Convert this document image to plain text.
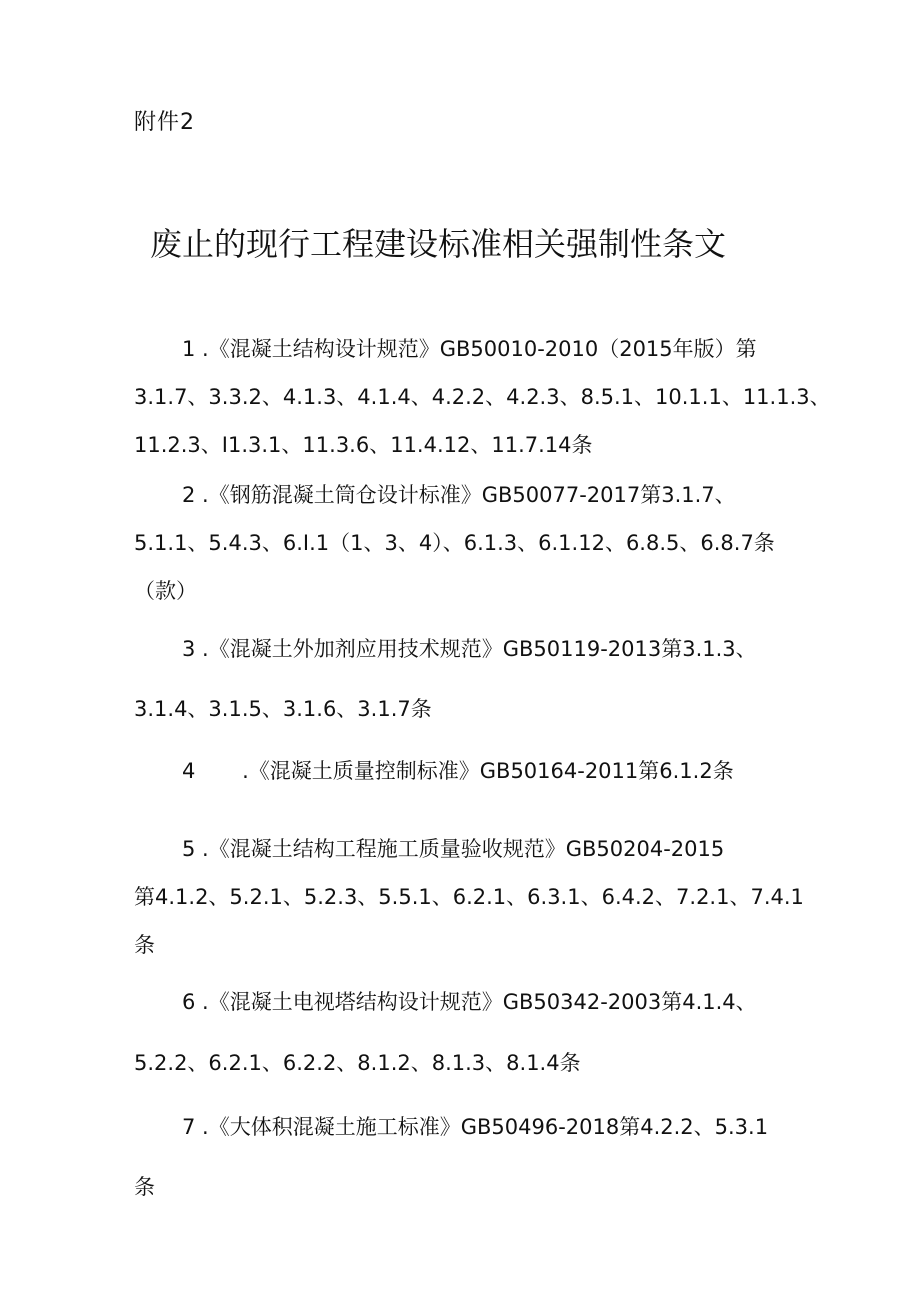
附件2
废止的现行工程建设标准相关强制性条文
1 .《混凝土结构设计规范》GB50010-2010（2015年版）第
3.1.7、3.3.2、4.1.3、4.1.4、4.2.2、4.2.3、8.5.1、10.1.1、11.1.3、
11.2.3、I1.3.1、11.3.6、11.4.12、11.7.14条
2 .《钢筋混凝土筒仓设计标准》GB50077-2017第3.1.7、
5.1.1、5.4.3、6.I.1（1、3、4）、6.1.3、6.1.12、6.8.5、6.8.7条
（款）
3 .《混凝土外加剂应用技术规范》GB50119-2013第3.1.3、
3.1.4、3.1.5、3.1.6、3.1.7条
4       .《混凝土质量控制标准》GB50164-2011第6.1.2条
5 .《混凝土结构工程施工质量验收规范》GB50204-2015
第4.1.2、5.2.1、5.2.3、5.5.1、6.2.1、6.3.1、6.4.2、7.2.1、7.4.1
条
6 .《混凝土电视塔结构设计规范》GB50342-2003第4.1.4、
5.2.2、6.2.1、6.2.2、8.1.2、8.1.3、8.1.4条
7 .《大体积混凝土施工标准》GB50496-2018第4.2.2、5.3.1
条
